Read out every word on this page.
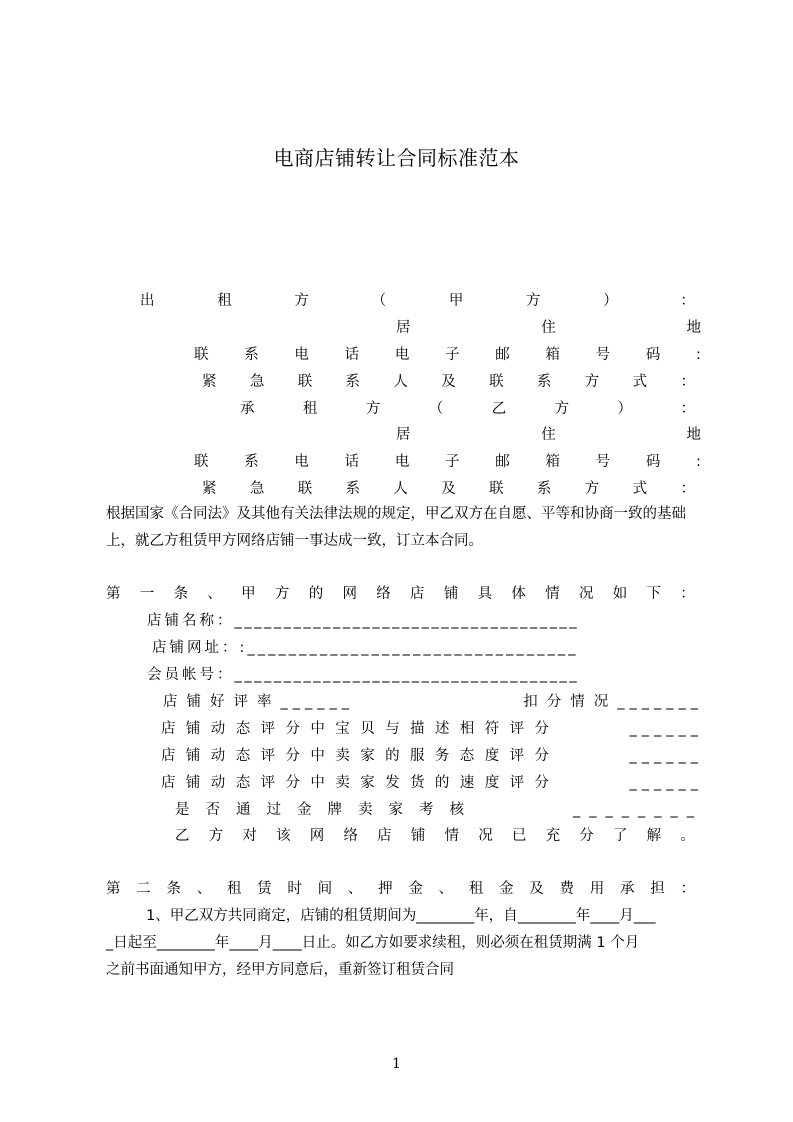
电商店铺转让合同标准范本
出	租	方	（	甲	方	）	：
居	住	地
联 系 电 话 电 子 邮 箱 号 码 :
紧 急 联 系 人 及 联 系 方 式 ：
承	租	方	（	乙	方	）	：
居	住	地
联 系 电 话 电 子 邮 箱 号 码 :
紧 急 联 系 人 及 联 系 方 式 ：
根据国家《合同法》及其他有关法律法规的规定，甲乙双方在自愿、平等和协商一致的基础上，就乙方租赁甲方网络店铺一事达成一致，订立本合同。
第 一 条 、 甲 方 的 网 络 店 铺 具 体 情 况 如 下 ：
店铺名称： ___________________________________
店铺网址：: ________________________________
会员帐号： ___________________________________
店铺好评率 ______	扣分情况 _______
店铺动态评分中宝贝与描述相符评分	______
店铺动态评分中卖家的服务态度评分	______
店铺动态评分中卖家发货的速度评分	______
是否通过金牌卖家考核	________
乙 方 对 该 网 络 店 铺 情 况 已 充 分 了 解 。
第 二 条 、 租 赁 时 间 、 押 金 、 租 金 及 费 用 承 担 ：
1、甲乙双方共同商定，店铺的租赁期间为________年，自________年____月___
_日起至________年____月____日止。如乙方如要求续租，则必须在租赁期满 1 个月
之前书面通知甲方，经甲方同意后，重新签订租赁合同
1
